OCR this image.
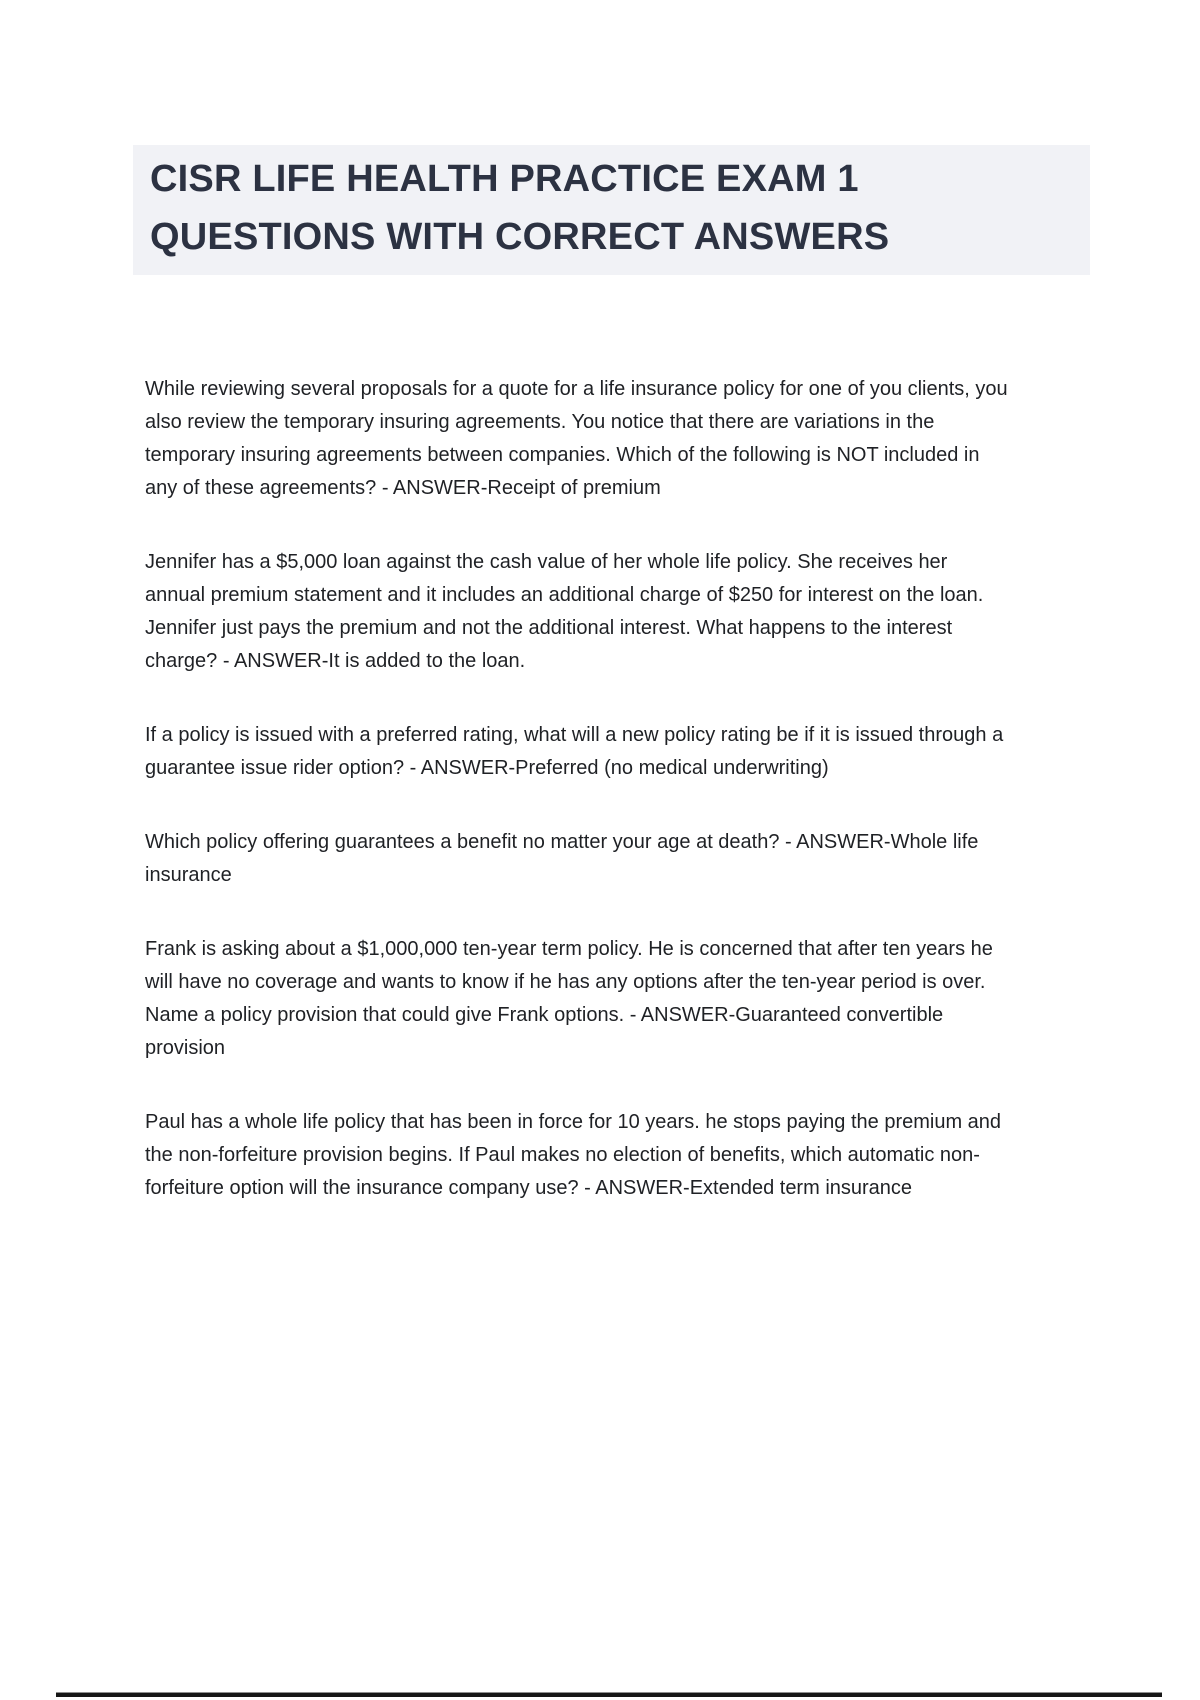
CISR LIFE HEALTH PRACTICE EXAM 1
QUESTIONS WITH CORRECT ANSWERS

While reviewing several proposals for a quote for a life insurance policy for one of you clients, you also review the temporary insuring agreements. You notice that there are variations in the temporary insuring agreements between companies. Which of the following is NOT included in any of these agreements? - ANSWER-Receipt of premium

Jennifer has a $5,000 loan against the cash value of her whole life policy. She receives her annual premium statement and it includes an additional charge of $250 for interest on the loan. Jennifer just pays the premium and not the additional interest. What happens to the interest charge? - ANSWER-It is added to the loan.

If a policy is issued with a preferred rating, what will a new policy rating be if it is issued through a guarantee issue rider option? - ANSWER-Preferred (no medical underwriting)

Which policy offering guarantees a benefit no matter your age at death? - ANSWER-Whole life insurance

Frank is asking about a $1,000,000 ten-year term policy. He is concerned that after ten years he will have no coverage and wants to know if he has any options after the ten-year period is over. Name a policy provision that could give Frank options. - ANSWER-Guaranteed convertible provision

Paul has a whole life policy that has been in force for 10 years. he stops paying the premium and the non-forfeiture provision begins. If Paul makes no election of benefits, which automatic non-forfeiture option will the insurance company use? - ANSWER-Extended term insurance
